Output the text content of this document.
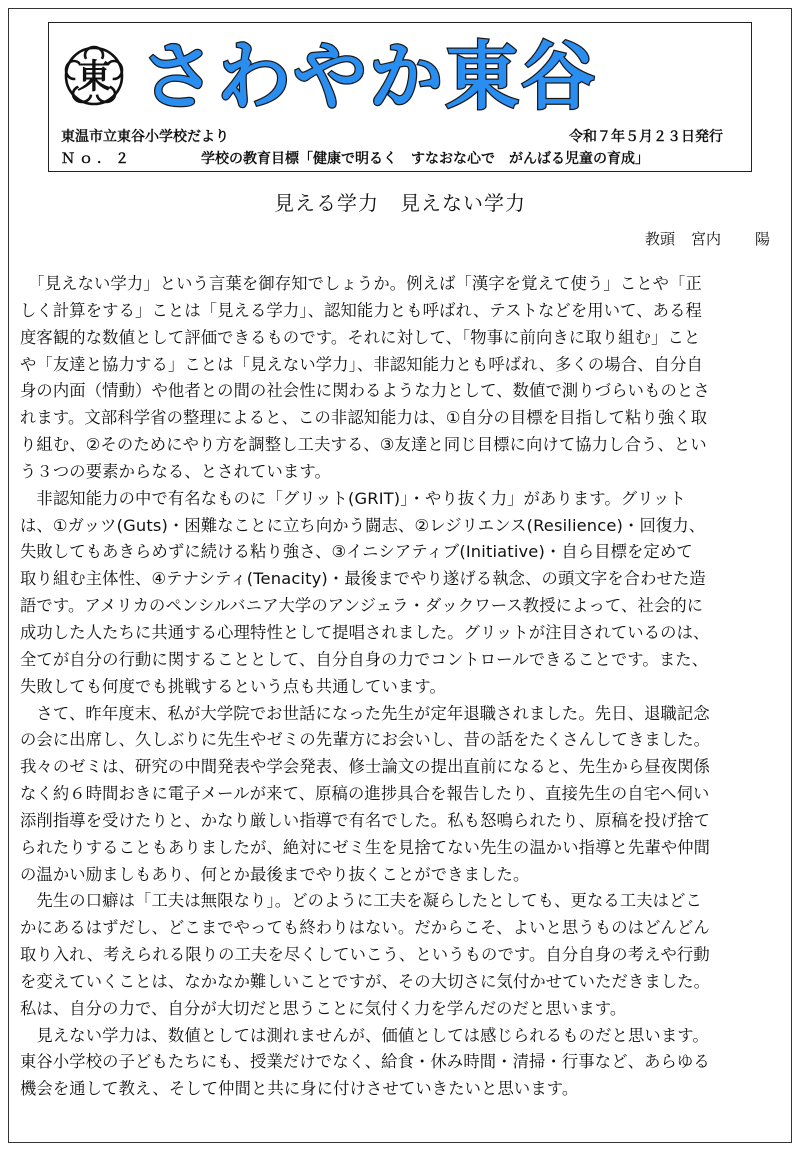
東 さわやか東谷
東温市立東谷小学校だより	令和７年５月２３日発行
Ｎｏ．２	学校の教育目標「健康で明るく　すなおな心で　がんばる児童の育成」
見える学力　見えない学力
教頭 宮内 陽
　「見えない学力」という言葉を御存知でしょうか。例えば「漢字を覚えて使う」ことや「正
しく計算をする」ことは「見える学力」、認知能力とも呼ばれ、テストなどを用いて、ある程
度客観的な数値として評価できるものです。それに対して、「物事に前向きに取り組む」こと
や「友達と協力する」ことは「見えない学力」、非認知能力とも呼ばれ、多くの場合、自分自
身の内面（情動）や他者との間の社会性に関わるような力として、数値で測りづらいものとさ
れます。文部科学省の整理によると、この非認知能力は、①自分の目標を目指して粘り強く取
り組む、②そのためにやり方を調整し工夫する、③友達と同じ目標に向けて協力し合う、とい
う３つの要素からなる、とされています。
　非認知能力の中で有名なものに「グリット(GRIT)」・やり抜く力」があります。グリット
は、①ガッツ(Guts)・困難なことに立ち向かう闘志、②レジリエンス(Resilience)・回復力、
失敗してもあきらめずに続ける粘り強さ、③イニシアティブ(Initiative)・自ら目標を定めて
取り組む主体性、④テナシティ(Tenacity)・最後までやり遂げる執念、の頭文字を合わせた造
語です。アメリカのペンシルバニア大学のアンジェラ・ダックワース教授によって、社会的に
成功した人たちに共通する心理特性として提唱されました。グリットが注目されているのは、
全てが自分の行動に関することとして、自分自身の力でコントロールできることです。また、
失敗しても何度でも挑戦するという点も共通しています。
　さて、昨年度末、私が大学院でお世話になった先生が定年退職されました。先日、退職記念
の会に出席し、久しぶりに先生やゼミの先輩方にお会いし、昔の話をたくさんしてきました。
我々のゼミは、研究の中間発表や学会発表、修士論文の提出直前になると、先生から昼夜関係
なく約６時間おきに電子メールが来て、原稿の進捗具合を報告したり、直接先生の自宅へ伺い
添削指導を受けたりと、かなり厳しい指導で有名でした。私も怒鳴られたり、原稿を投げ捨て
られたりすることもありましたが、絶対にゼミ生を見捨てない先生の温かい指導と先輩や仲間
の温かい励ましもあり、何とか最後までやり抜くことができました。
　先生の口癖は「工夫は無限なり」。どのように工夫を凝らしたとしても、更なる工夫はどこ
かにあるはずだし、どこまでやっても終わりはない。だからこそ、よいと思うものはどんどん
取り入れ、考えられる限りの工夫を尽くしていこう、というものです。自分自身の考えや行動
を変えていくことは、なかなか難しいことですが、その大切さに気付かせていただきました。
私は、自分の力で、自分が大切だと思うことに気付く力を学んだのだと思います。
　見えない学力は、数値としては測れませんが、価値としては感じられるものだと思います。
東谷小学校の子どもたちにも、授業だけでなく、給食・休み時間・清掃・行事など、あらゆる
機会を通して教え、そして仲間と共に身に付けさせていきたいと思います。
